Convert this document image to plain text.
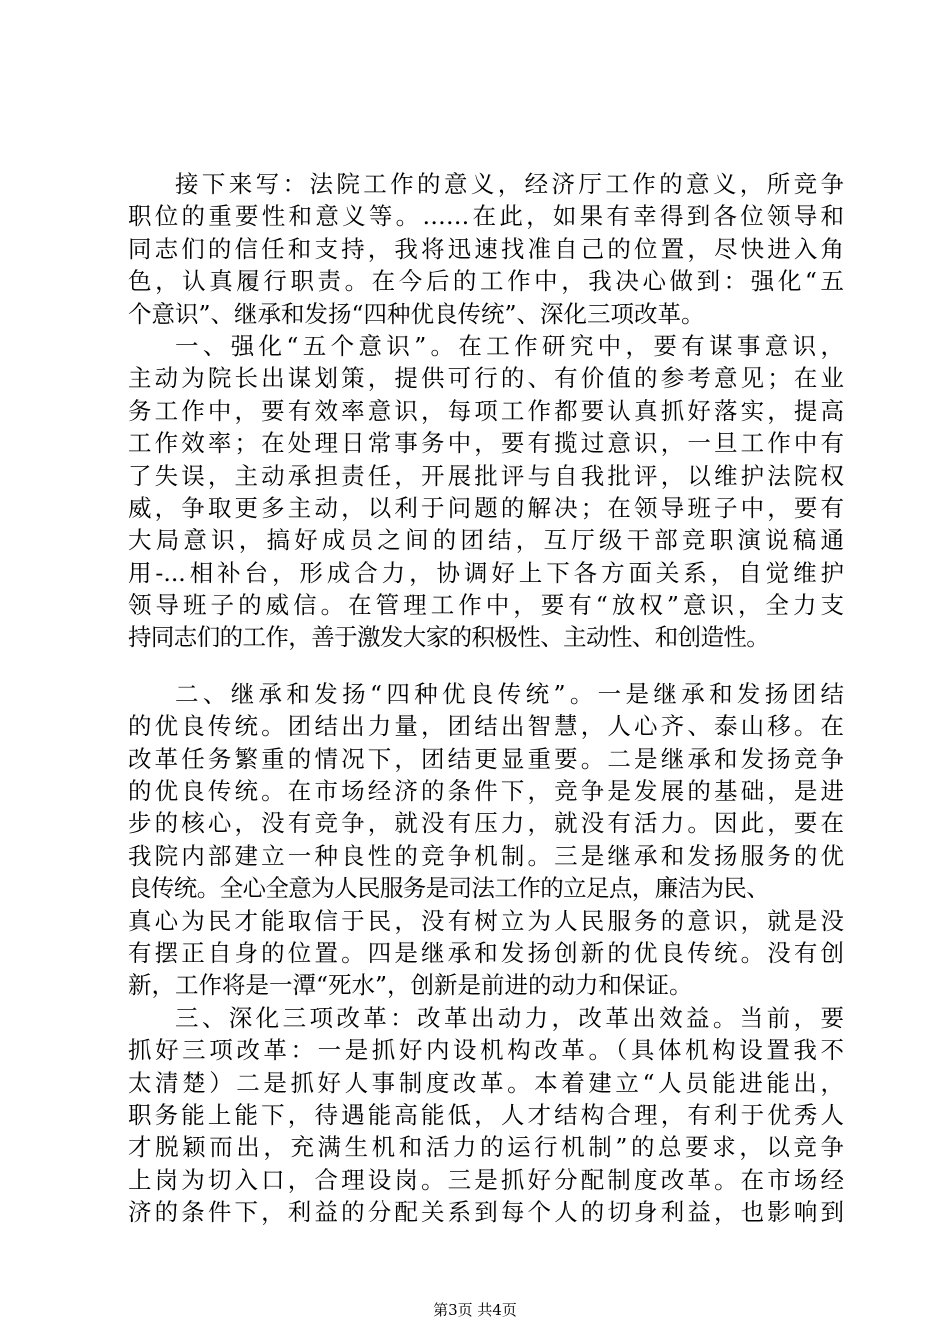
接下来写：法院工作的意义，经济厅工作的意义，所竞争
职位的重要性和意义等。……在此，如果有幸得到各位领导和
同志们的信任和支持，我将迅速找准自己的位置，尽快进入角
色，认真履行职责。在今后的工作中，我决心做到：强化“五
个意识”、继承和发扬“四种优良传统”、深化三项改革。
一、强化“五个意识”。在工作研究中，要有谋事意识，
主动为院长出谋划策，提供可行的、有价值的参考意见；在业
务工作中，要有效率意识，每项工作都要认真抓好落实，提高
工作效率；在处理日常事务中，要有揽过意识，一旦工作中有
了失误，主动承担责任，开展批评与自我批评，以维护法院权
威，争取更多主动，以利于问题的解决；在领导班子中，要有
大局意识，搞好成员之间的团结，互厅级干部竞职演说稿通
用-...相补台，形成合力，协调好上下各方面关系，自觉维护
领导班子的威信。在管理工作中，要有“放权”意识，全力支
持同志们的工作，善于激发大家的积极性、主动性、和创造性。
二、继承和发扬“四种优良传统”。一是继承和发扬团结
的优良传统。团结出力量，团结出智慧，人心齐、泰山移。在
改革任务繁重的情况下，团结更显重要。二是继承和发扬竞争
的优良传统。在市场经济的条件下，竞争是发展的基础，是进
步的核心，没有竞争，就没有压力，就没有活力。因此，要在
我院内部建立一种良性的竞争机制。三是继承和发扬服务的优
良传统。全心全意为人民服务是司法工作的立足点，廉洁为民、
真心为民才能取信于民，没有树立为人民服务的意识，就是没
有摆正自身的位置。四是继承和发扬创新的优良传统。没有创
新，工作将是一潭“死水”，创新是前进的动力和保证。
三、深化三项改革：改革出动力，改革出效益。当前，要
抓好三项改革：一是抓好内设机构改革。（具体机构设置我不
太清楚）二是抓好人事制度改革。本着建立“人员能进能出，
职务能上能下，待遇能高能低，人才结构合理，有利于优秀人
才脱颖而出，充满生机和活力的运行机制”的总要求，以竞争
上岗为切入口，合理设岗。三是抓好分配制度改革。在市场经
济的条件下，利益的分配关系到每个人的切身利益，也影响到
第3页 共4页
